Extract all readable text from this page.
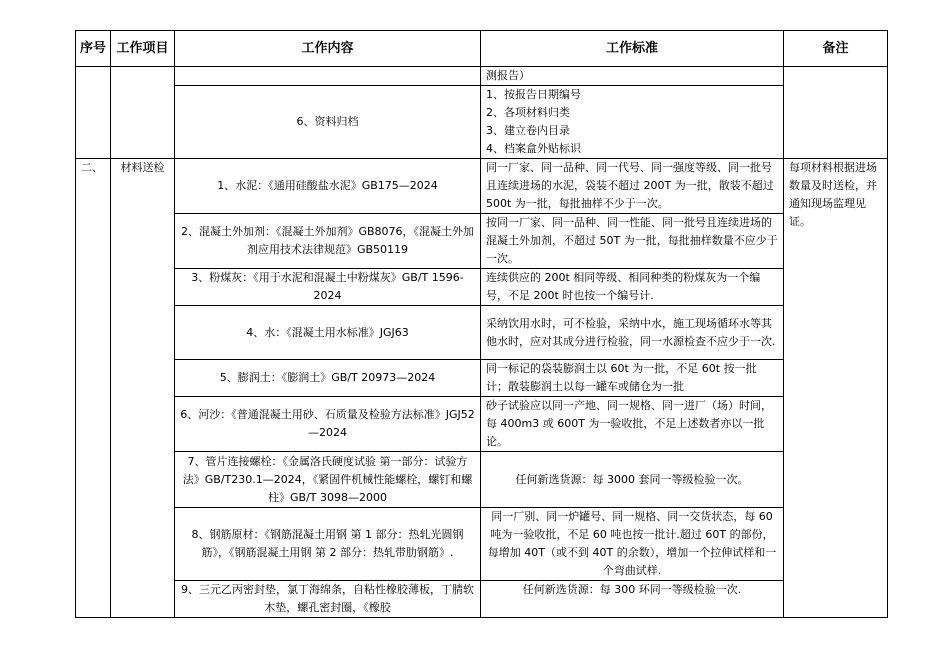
序号	工作项目	工作内容	工作标准	备注
			测报告）	
		6、资料归档	1、按报告日期编号
2、各项材料归类
3、建立卷内目录
4、档案盒外贴标识	

二、	材料送检	1、水泥：《通用硅酸盐水泥》GB175—2024	同一厂家、同一品种、同一代号、同一强度等级、同一批号且连续进场的水泥，袋装不超过 200T 为一批，散装不超过 500t 为一批，每批抽样不少于一次。	每项材料根据进场数量及时送检，并通知现场监理见证。
		2、混凝土外加剂：《混凝土外加剂》GB8076，《混凝土外加剂应用技术法律规范》GB50119	按同一厂家、同一品种、同一性能、同一批号且连续进场的混凝土外加剂，不超过 50T 为一批，每批抽样数量不应少于一次。	
		3、粉煤灰：《用于水泥和混凝土中粉煤灰》GB/T 1596-2024	连续供应的 200t 相同等级、相同种类的粉煤灰为一个编号，不足 200t 时也按一个编号计.	
		4、水：《混凝土用水标准》JGJ63	采纳饮用水时，可不检验，采纳中水，施工现场循环水等其他水时，应对其成分进行检验，同一水源检查不应少于一次.	
		5、膨润土：《膨润土》GB/T 20973—2024	同一标记的袋装膨润土以 60t 为一批，不足 60t 按一批计；散装膨润土以每一罐车或储仓为一批	
		6、河沙：《普通混凝土用砂、石质量及检验方法标准》JGJ52—2024	砂子试验应以同一产地、同一规格、同一进厂（场）时间，每 400m3 或 600T 为一验收批，不足上述数者亦以一批论。	
		7、管片连接螺栓：《金属洛氏硬度试验 第一部分：试验方法》GB/T230.1—2024，《紧固件机械性能螺栓，螺钉和螺柱》GB/T 3098—2000	任何新选货源：每 3000 套同一等级检验一次。	
		8、钢筋原材：《钢筋混凝土用钢 第 1 部分：热轧光圆钢筋》，《钢筋混凝土用钢 第 2 部分：热轧带肋钢筋》.	同一厂别、同一炉罐号、同一规格、同一交货状态，每 60 吨为一验收批，不足 60 吨也按一批计.超过 60T 的部份，每增加 40T（或不到 40T 的余数），增加一个拉伸试样和一个弯曲试样.	
		9、三元乙丙密封垫，氯丁海绵条，自粘性橡胶薄板，丁腈软木垫，螺孔密封圈，《橡胶	任何新选货源：每 300 环同一等级检验一次.	
